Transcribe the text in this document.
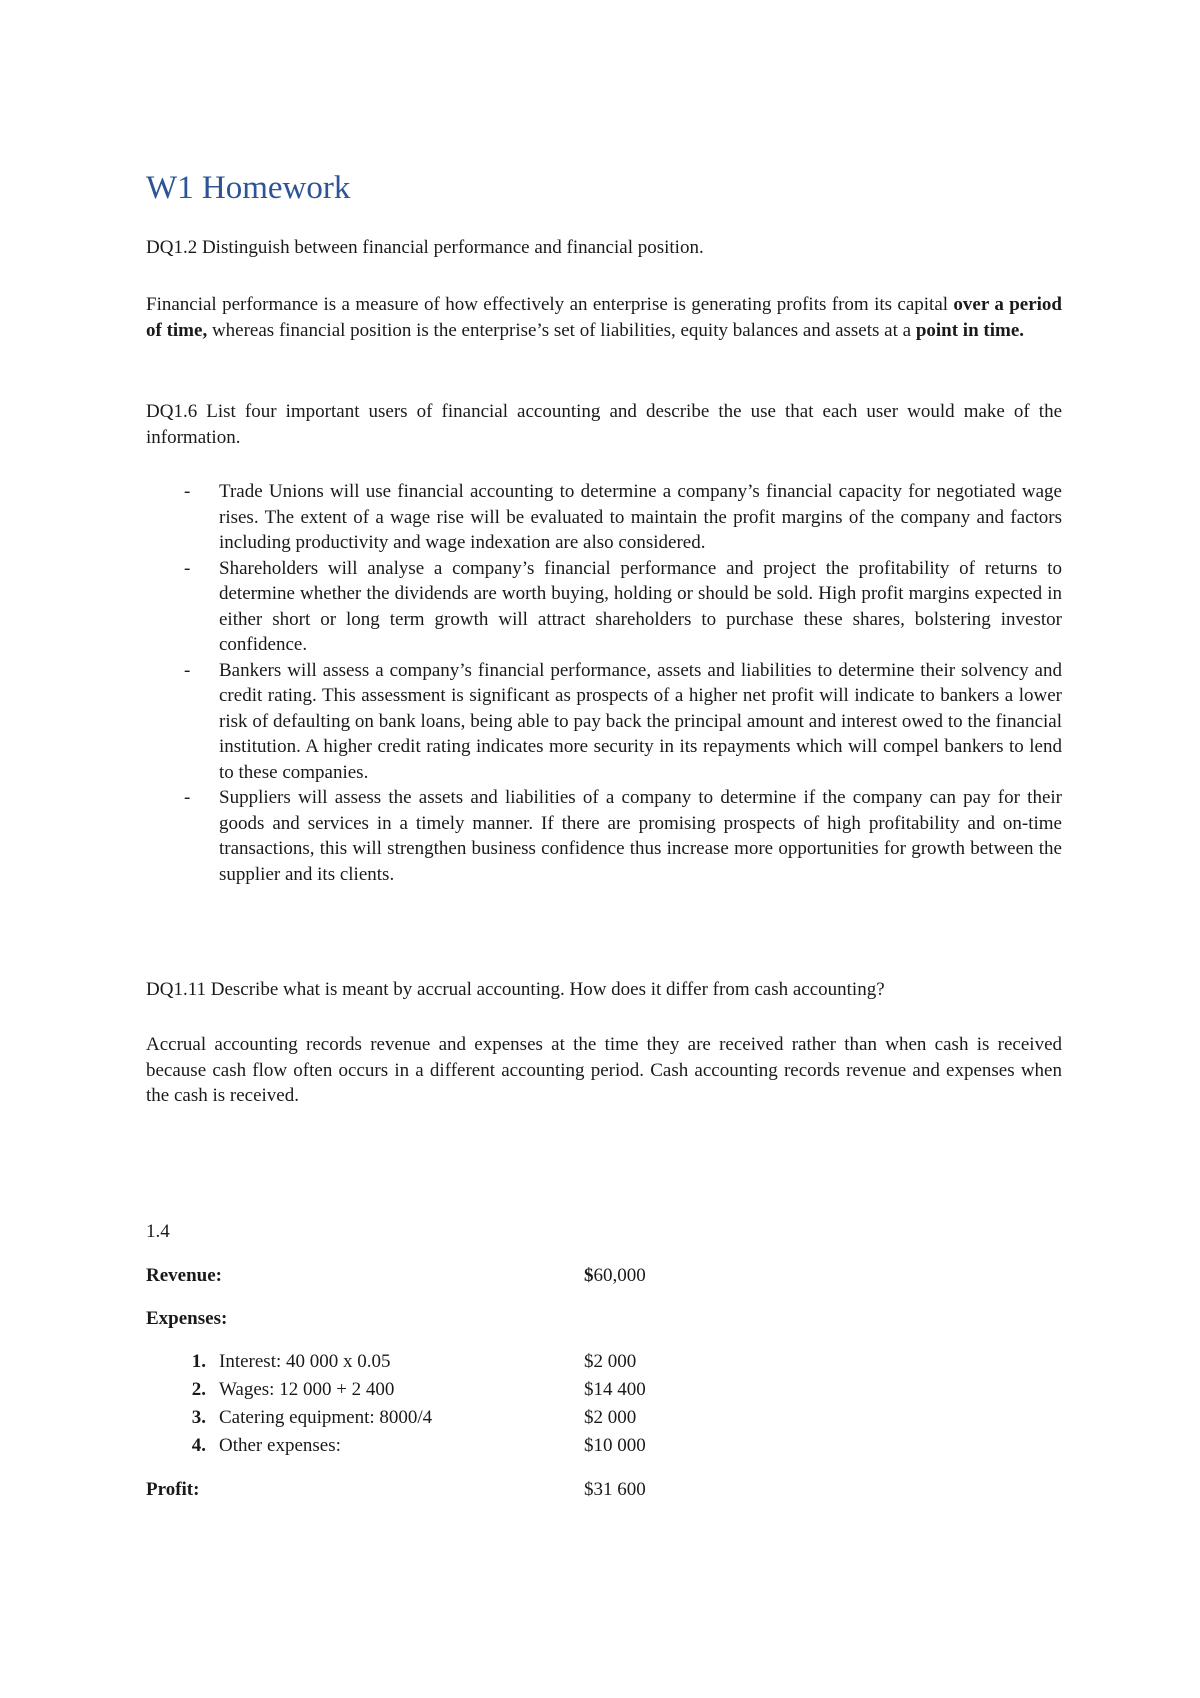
W1 Homework

DQ1.2 Distinguish between financial performance and financial position.

Financial performance is a measure of how effectively an enterprise is generating profits from its capital over a period of time, whereas financial position is the enterprise’s set of liabilities, equity balances and assets at a point in time.

DQ1.6 List four important users of financial accounting and describe the use that each user would make of the information.

- Trade Unions will use financial accounting to determine a company’s financial capacity for negotiated wage rises. The extent of a wage rise will be evaluated to maintain the profit margins of the company and factors including productivity and wage indexation are also considered.
- Shareholders will analyse a company’s financial performance and project the profitability of returns to determine whether the dividends are worth buying, holding or should be sold. High profit margins expected in either short or long term growth will attract shareholders to purchase these shares, bolstering investor confidence.
- Bankers will assess a company’s financial performance, assets and liabilities to determine their solvency and credit rating. This assessment is significant as prospects of a higher net profit will indicate to bankers a lower risk of defaulting on bank loans, being able to pay back the principal amount and interest owed to the financial institution. A higher credit rating indicates more security in its repayments which will compel bankers to lend to these companies.
- Suppliers will assess the assets and liabilities of a company to determine if the company can pay for their goods and services in a timely manner. If there are promising prospects of high profitability and on-time transactions, this will strengthen business confidence thus increase more opportunities for growth between the supplier and its clients.

DQ1.11 Describe what is meant by accrual accounting. How does it differ from cash accounting?

Accrual accounting records revenue and expenses at the time they are received rather than when cash is received because cash flow often occurs in a different accounting period. Cash accounting records revenue and expenses when the cash is received.

1.4

Revenue:	$60,000
Expenses:
1. Interest: 40 000 x 0.05	$2 000
2. Wages: 12 000 + 2 400	$14 400
3. Catering equipment: 8000/4	$2 000
4. Other expenses:	$10 000
Profit:	$31 600
